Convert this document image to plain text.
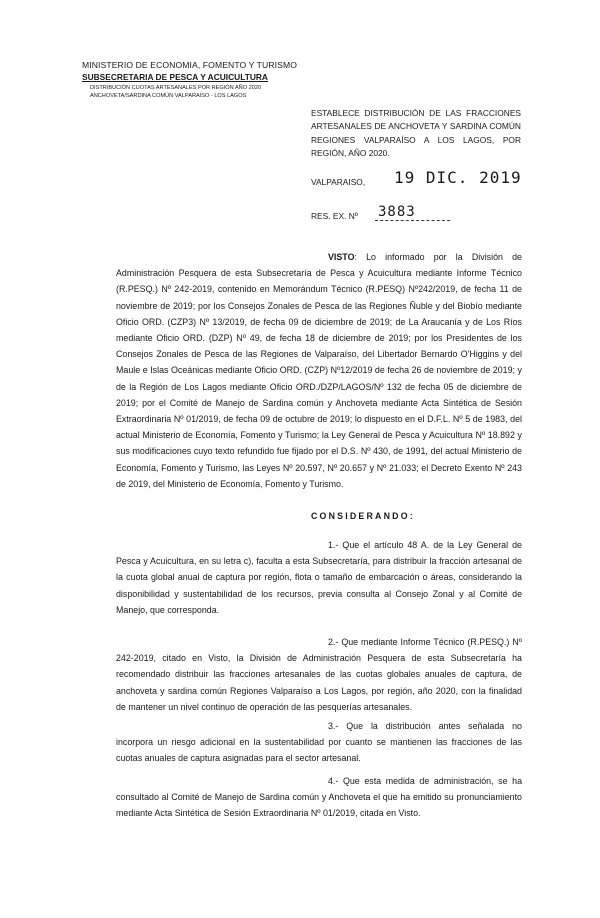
MINISTERIO DE ECONOMIA, FOMENTO Y TURISMO
SUBSECRETARIA DE PESCA Y ACUICULTURA
DISTRIBUCIÓN CUOTAS ARTESANALES POR REGIÓN AÑO 2020
ANCHOVETA/SARDINA COMÚN VALPARAISO - LOS LAGOS
ESTABLECE DISTRIBUCIÓN DE LAS FRACCIONES ARTESANALES DE ANCHOVETA Y SARDINA COMÚN REGIONES VALPARAÍSO A LOS LAGOS, POR REGIÓN, AÑO 2020.
VALPARAISO, 19 DIC. 2019
RES. EX. Nº 3883
VISTO: Lo informado por la División de Administración Pesquera de esta Subsecretaría de Pesca y Acuicultura mediante Informe Técnico (R.PESQ.) Nº 242-2019, contenido en Memorándum Técnico (R.PESQ) Nº242/2019, de fecha 11 de noviembre de 2019; por los Consejos Zonales de Pesca de las Regiones Ñuble y del Biobío mediante Oficio ORD. (CZP3) Nº 13/2019, de fecha 09 de diciembre de 2019; de La Araucanía y de Los Ríos mediante Oficio ORD. (DZP) Nº 49, de fecha 18 de diciembre de 2019; por los Presidentes de los Consejos Zonales de Pesca de las Regiones de Valparaíso, del Libertador Bernardo O'Higgins y del Maule e Islas Oceánicas mediante Oficio ORD. (CZP) Nº12/2019 de fecha 26 de noviembre de 2019; y de la Región de Los Lagos mediante Oficio ORD./DZP/LAGOS/Nº 132 de fecha 05 de diciembre de 2019; por el Comité de Manejo de Sardina común y Anchoveta mediante Acta Sintética de Sesión Extraordinaria Nº 01/2019, de fecha 09 de octubre de 2019; lo dispuesto en el D.F.L. Nº 5 de 1983, del actual Ministerio de Economía, Fomento y Turismo; la Ley General de Pesca y Acuicultura Nº 18.892 y sus modificaciones cuyo texto refundido fue fijado por el D.S. Nº 430, de 1991, del actual Ministerio de Economía, Fomento y Turismo, las Leyes Nº 20.597, Nº 20.657 y Nº 21.033; el Decreto Exento Nº 243 de 2019, del Ministerio de Economía, Fomento y Turismo.
CONSIDERANDO:
1.- Que el artículo 48 A. de la Ley General de Pesca y Acuicultura, en su letra c), faculta a esta Subsecretaría, para distribuir la fracción artesanal de la cuota global anual de captura por región, flota o tamaño de embarcación o áreas, considerando la disponibilidad y sustentabilidad de los recursos, previa consulta al Consejo Zonal y al Comité de Manejo, que corresponda.
2.- Que mediante Informe Técnico (R.PESQ.) Nº 242-2019, citado en Visto, la División de Administración Pesquera de esta Subsecretaría ha recomendado distribuir las fracciones artesanales de las cuotas globales anuales de captura, de anchoveta y sardina común Regiones Valparaíso a Los Lagos, por región, año 2020, con la finalidad de mantener un nivel continuo de operación de las pesquerías artesanales.
3.- Que la distribución antes señalada no incorpora un riesgo adicional en la sustentabilidad por cuanto se mantienen las fracciones de las cuotas anuales de captura asignadas para el sector artesanal.
4.- Que esta medida de administración, se ha consultado al Comité de Manejo de Sardina común y Anchoveta el que ha emitido su pronunciamiento mediante Acta Sintética de Sesión Extraordinaria Nº 01/2019, citada en Visto.
